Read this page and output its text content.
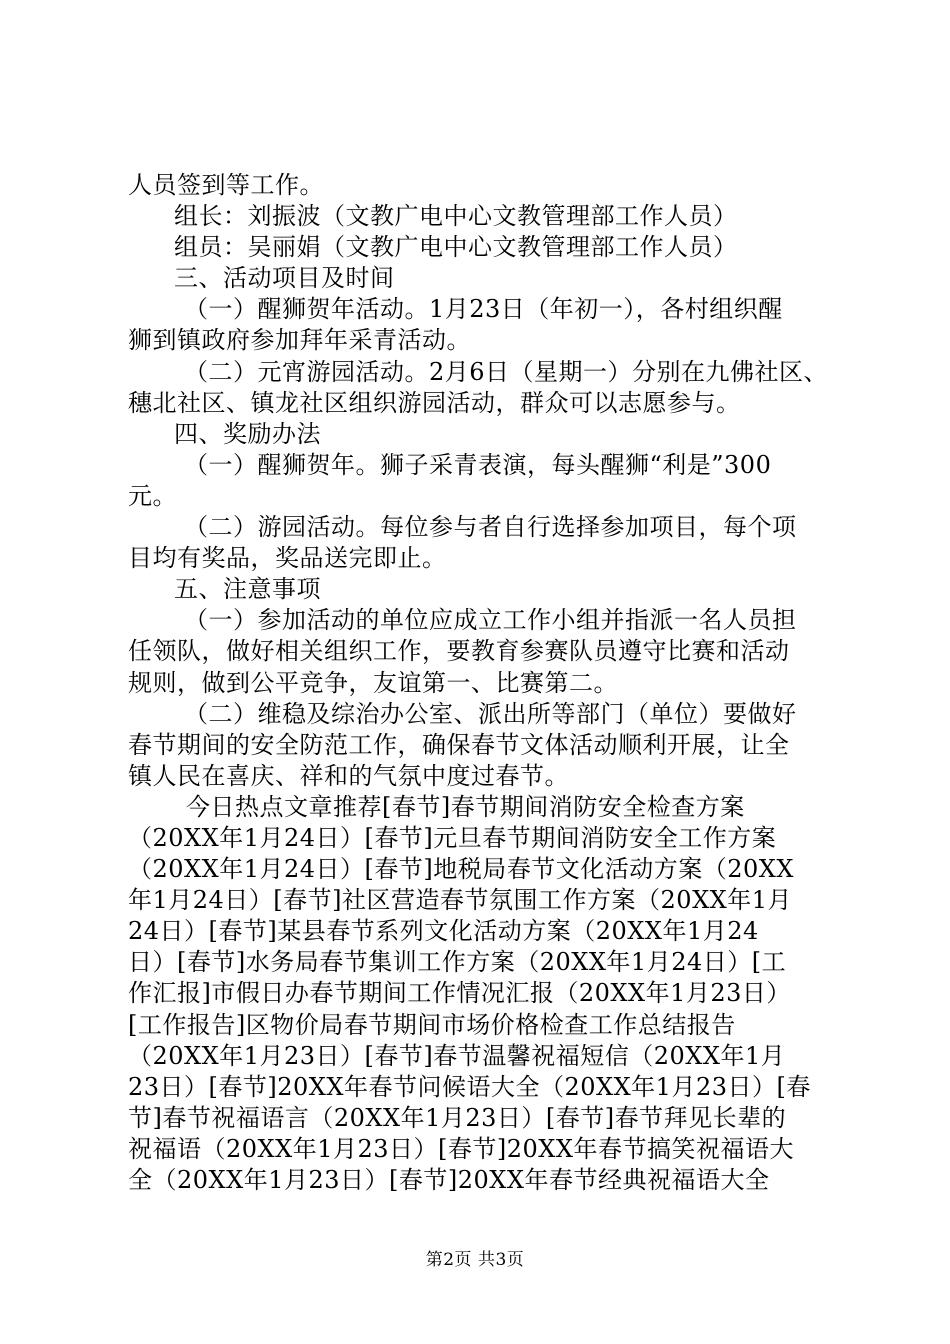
人员签到等工作。
组长：刘振波（文教广电中心文教管理部工作人员）
组员：吴丽娟（文教广电中心文教管理部工作人员）
三、活动项目及时间
（一）醒狮贺年活动。1月23日（年初一），各村组织醒
狮到镇政府参加拜年采青活动。
（二）元宵游园活动。2月6日（星期一）分别在九佛社区、
穗北社区、镇龙社区组织游园活动，群众可以志愿参与。
四、奖励办法
（一）醒狮贺年。狮子采青表演，每头醒狮“利是”300
元。
（二）游园活动。每位参与者自行选择参加项目，每个项
目均有奖品，奖品送完即止。
五、注意事项
（一）参加活动的单位应成立工作小组并指派一名人员担
任领队，做好相关组织工作，要教育参赛队员遵守比赛和活动
规则，做到公平竞争，友谊第一、比赛第二。
（二）维稳及综治办公室、派出所等部门（单位）要做好
春节期间的安全防范工作，确保春节文体活动顺利开展，让全
镇人民在喜庆、祥和的气氛中度过春节。
今日热点文章推荐[春节]春节期间消防安全检查方案
（20XX年1月24日）[春节]元旦春节期间消防安全工作方案
（20XX年1月24日）[春节]地税局春节文化活动方案（20XX
年1月24日）[春节]社区营造春节氛围工作方案（20XX年1月
24日）[春节]某县春节系列文化活动方案（20XX年1月24
日）[春节]水务局春节集训工作方案（20XX年1月24日）[工
作汇报]市假日办春节期间工作情况汇报（20XX年1月23日）
[工作报告]区物价局春节期间市场价格检查工作总结报告
（20XX年1月23日）[春节]春节温馨祝福短信（20XX年1月
23日）[春节]20XX年春节问候语大全（20XX年1月23日）[春
节]春节祝福语言（20XX年1月23日）[春节]春节拜见长辈的
祝福语（20XX年1月23日）[春节]20XX年春节搞笑祝福语大
全（20XX年1月23日）[春节]20XX年春节经典祝福语大全
第2页 共3页
